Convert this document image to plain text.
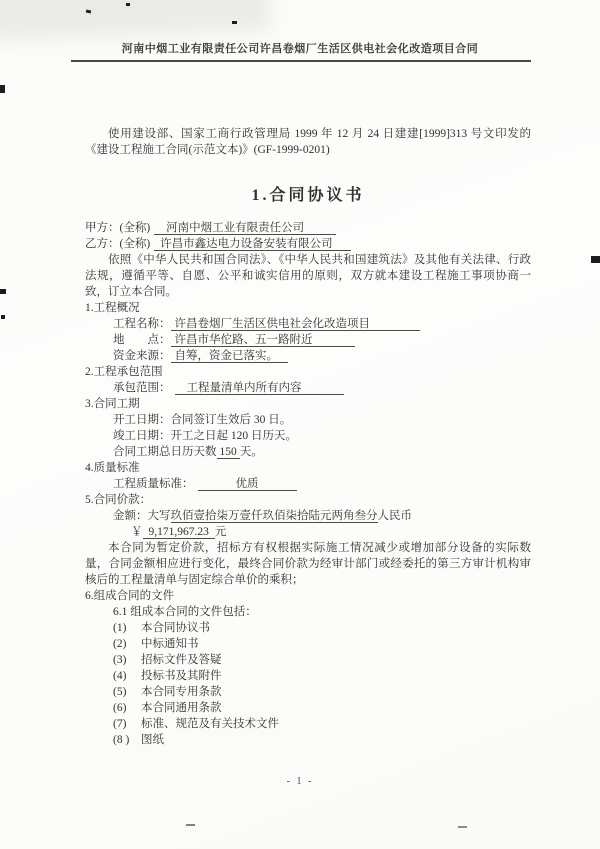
河南中烟工业有限责任公司许昌卷烟厂生活区供电社会化改造项目合同

使用建设部、国家工商行政管理局 1999 年 12 月 24 日建建[1999]313 号文印发的《建设工程施工合同(示范文本)》(GF-1999-0201)

1.合同协议书
甲方：(全称) 河南中烟工业有限责任公司
乙方：(全称) 许昌市鑫达电力设备安装有限公司

依照《中华人民共和国合同法》、《中华人民共和国建筑法》及其他有关法律、行政法规，遵循平等、自愿、公平和诚实信用的原则，双方就本建设工程施工事项协商一致，订立本合同。

1.工程概况
工程名称： 许昌卷烟厂生活区供电社会化改造项目
地　　点： 许昌市华佗路、五一路附近
资金来源： 自筹，资金已落实。
2.工程承包范围
承包范围： 工程量清单内所有内容
3.合同工期
开工日期：合同签订生效后 30 日。
竣工日期：开工之日起 120 日历天。
合同工期总日历天数 150 天。
4.质量标准
工程质量标准：	优质
5.合同价款：
金额：大写玖佰壹拾柒万壹仟玖佰柒拾陆元两角叁分人民币
￥ 9,171,967.23 元

本合同为暂定价款，招标方有权根据实际施工情况减少或增加部分设备的实际数量，合同金额相应进行变化，最终合同价款为经审计部门或经委托的第三方审计机构审核后的工程量清单与固定综合单价的乘积；

6.组成合同的文件
6.1 组成本合同的文件包括：
(1)	本合同协议书
(2)	中标通知书
(3)	招标文件及答疑
(4)	投标书及其附件
(5)	本合同专用条款
(6)	本合同通用条款
(7)	标准、规范及有关技术文件
(8 )	图纸
- 1 -
